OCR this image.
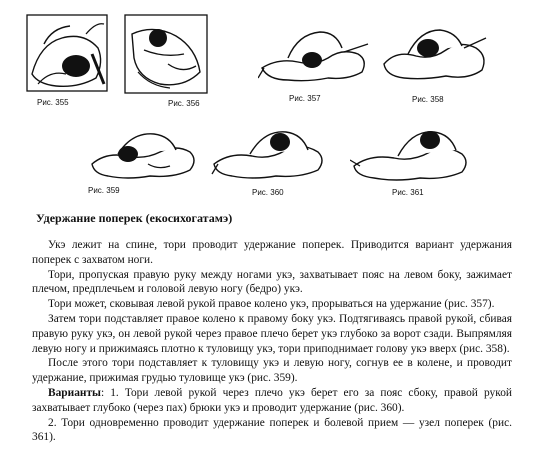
Рис. 355	Рис. 356
Рис. 357	Рис. 358
Рис. 359	Рис. 360	Рис. 361
Удержание поперек (екосихогатамэ)

Укэ лежит на спине, тори проводит удержание поперек. Приводится вариант удержания поперек с захватом ноги.

Тори, пропуская правую руку между ногами укэ, захватывает пояс на левом боку, зажимает плечом, предплечьем и головой левую ногу (бедро) укэ.

Тори может, сковывая левой рукой правое колено укэ, прорываться на удержание (рис. 357).

Затем тори подставляет правое колено к правому боку укэ. Подтягиваясь правой рукой, сбивая правую руку укэ, он левой рукой через правое плечо берет укэ глубоко за ворот сзади. Выпрямляя левую ногу и прижимаясь плотно к туловищу укэ, тори приподнимает голову укэ вверх (рис. 358).

После этого тори подставляет к туловищу укэ и левую ногу, согнув ее в колене, и проводит удержание, прижимая грудью туловище укэ (рис. 359).

Варианты: 1. Тори левой рукой через плечо укэ берет его за пояс сбоку, правой рукой захватывает глубоко (через пах) брюки укэ и проводит удержание (рис. 360).

2. Тори одновременно проводит удержание поперек и болевой прием — узел поперек (рис. 361).
